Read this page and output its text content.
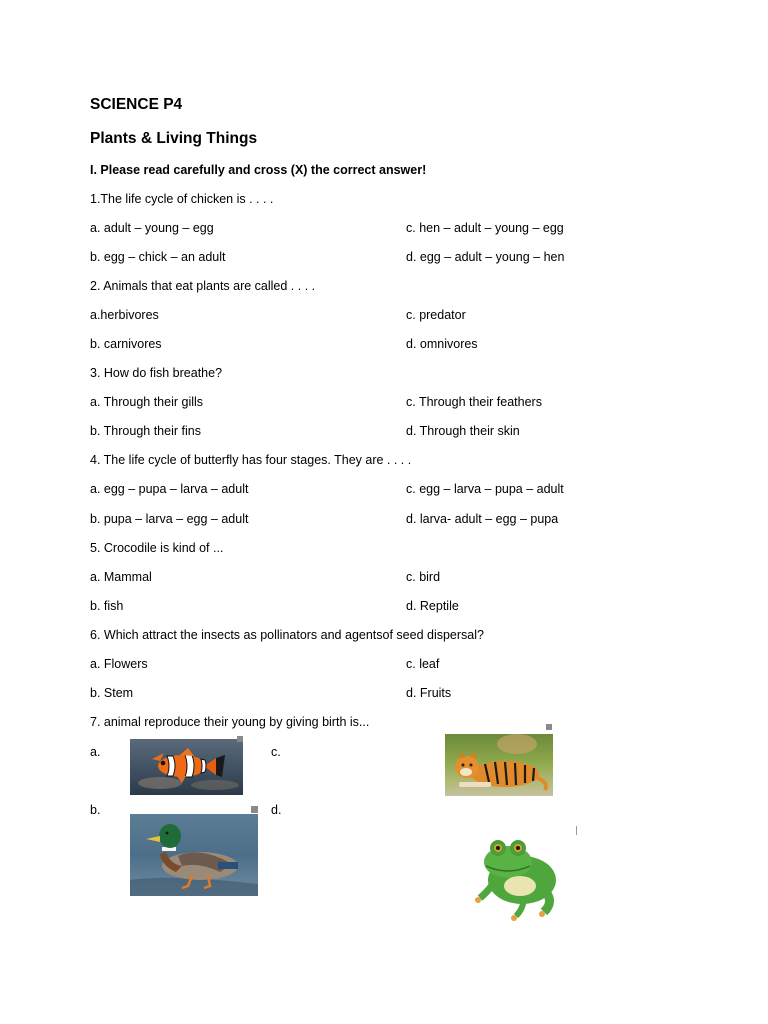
SCIENCE P4
Plants & Living Things
I. Please read carefully and cross (X) the correct answer!
1.The life cycle of chicken is . . . .
a. adult – young – egg	c. hen – adult – young – egg
b. egg – chick – an adult	d. egg – adult – young – hen
2. Animals that eat plants are called . . . .
a.herbivores	c. predator
b. carnivores	d. omnivores
3. How do fish breathe?
a. Through their gills	c. Through their feathers
b. Through their fins	d. Through their skin
4. The life cycle of butterfly has four stages. They are . . . .
a. egg – pupa – larva – adult	c. egg – larva – pupa – adult
b. pupa – larva – egg – adult	d. larva- adult – egg – pupa
5. Crocodile is kind of ...
a. Mammal	c. bird
b. fish	d. Reptile
6. Which attract the insects as pollinators and agentsof seed dispersal?
a. Flowers	c. leaf
b. Stem	d. Fruits
7. animal reproduce their young by giving birth is...
a.	c.
b.	d.
